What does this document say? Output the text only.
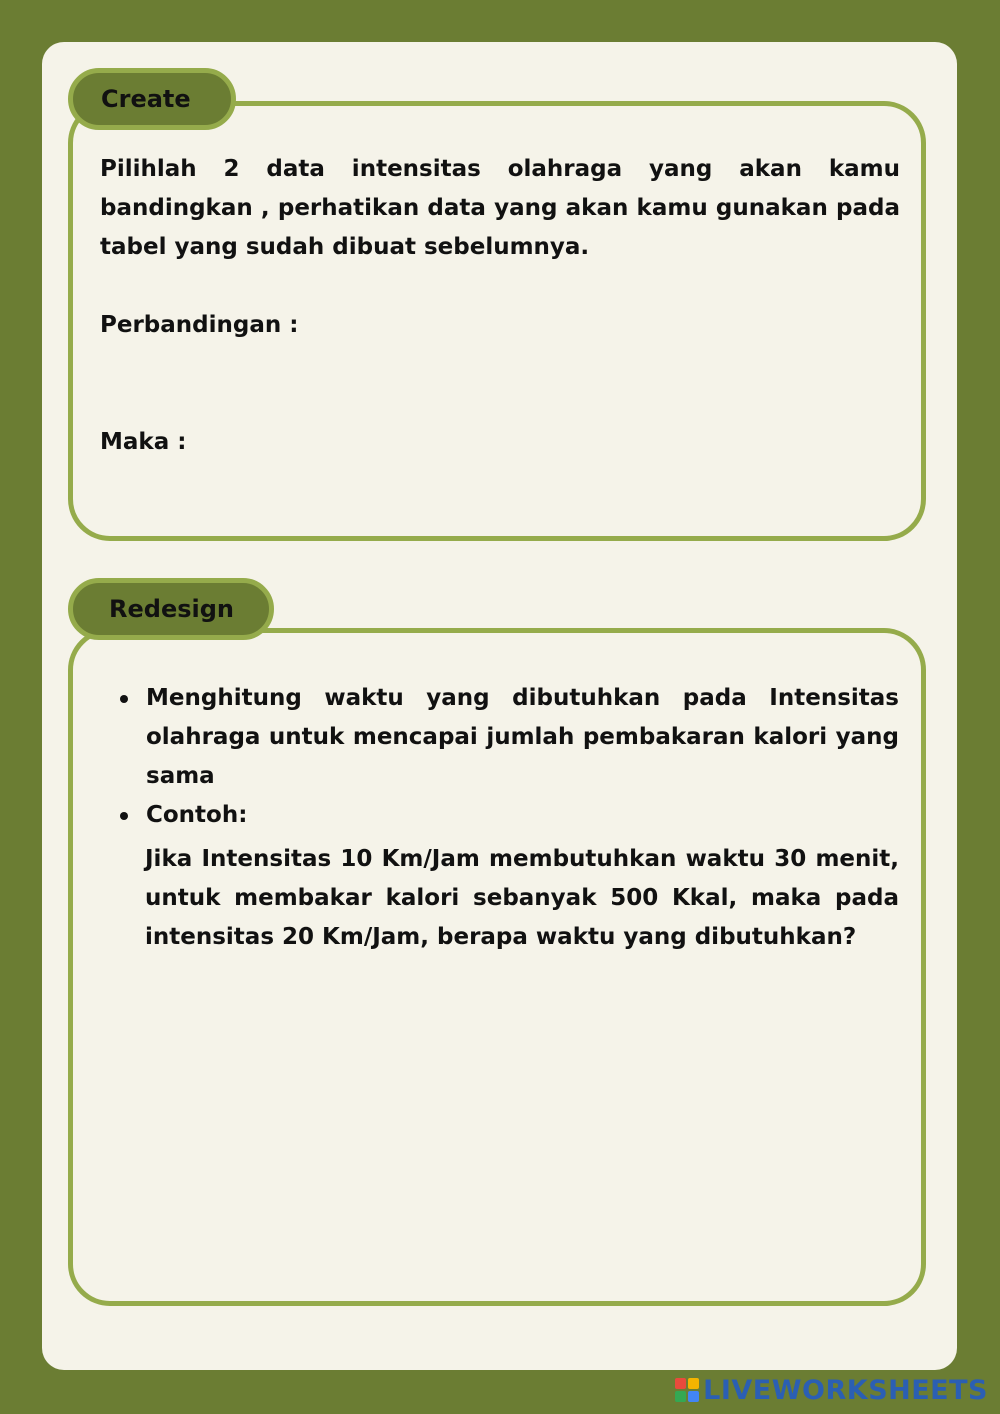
Create
Pilihlah 2 data intensitas olahraga yang akan kamu bandingkan , perhatikan data yang akan kamu gunakan pada tabel yang sudah dibuat sebelumnya.
Perbandingan :
Maka :
Redesign
Menghitung waktu yang dibutuhkan pada Intensitas olahraga untuk mencapai jumlah pembakaran kalori yang sama
Contoh:
Jika Intensitas 10 Km/Jam membutuhkan waktu 30 menit, untuk membakar kalori sebanyak 500 Kkal, maka pada intensitas 20 Km/Jam, berapa waktu yang dibutuhkan?
LIVEWORKSHEETS
